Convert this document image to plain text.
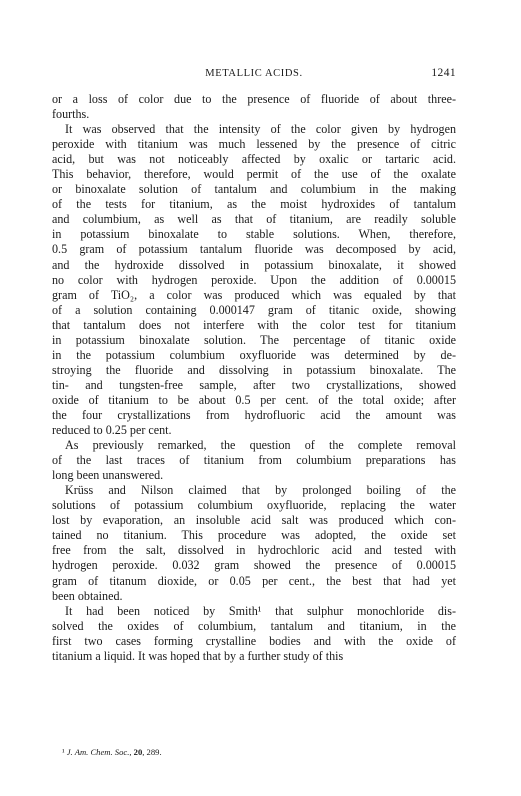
METALLIC ACIDS.	1241
or a loss of color due to the presence of fluoride of about three-
fourths.
It was observed that the intensity of the color given by hydrogen
peroxide with titanium was much lessened by the presence of citric
acid, but was not noticeably affected by oxalic or tartaric acid.
This behavior, therefore, would permit of the use of the oxalate
or binoxalate solution of tantalum and columbium in the making
of the tests for titanium, as the moist hydroxides of tantalum
and columbium, as well as that of titanium, are readily soluble
in potassium binoxalate to stable solutions. When, therefore,
0.5 gram of potassium tantalum fluoride was decomposed by acid,
and the hydroxide dissolved in potassium binoxalate, it showed
no color with hydrogen peroxide. Upon the addition of 0.00015
gram of TiO₂, a color was produced which was equaled by that
of a solution containing 0.000147 gram of titanic oxide, showing
that tantalum does not interfere with the color test for titanium
in potassium binoxalate solution. The percentage of titanic oxide
in the potassium columbium oxyfluoride was determined by de-
stroying the fluoride and dissolving in potassium binoxalate. The
tin- and tungsten-free sample, after two crystallizations, showed
oxide of titanium to be about 0.5 per cent. of the total oxide; after
the four crystallizations from hydrofluoric acid the amount was
reduced to 0.25 per cent.
As previously remarked, the question of the complete removal
of the last traces of titanium from columbium preparations has
long been unanswered.
Krüss and Nilson claimed that by prolonged boiling of the
solutions of potassium columbium oxyfluoride, replacing the water
lost by evaporation, an insoluble acid salt was produced which con-
tained no titanium. This procedure was adopted, the oxide set
free from the salt, dissolved in hydrochloric acid and tested with
hydrogen peroxide. 0.032 gram showed the presence of 0.00015
gram of titanum dioxide, or 0.05 per cent., the best that had yet
been obtained.
It had been noticed by Smith¹ that sulphur monochloride dis-
solved the oxides of columbium, tantalum and titanium, in the
first two cases forming crystalline bodies and with the oxide of
titanium a liquid. It was hoped that by a further study of this
¹ J. Am. Chem. Soc., 20, 289.
